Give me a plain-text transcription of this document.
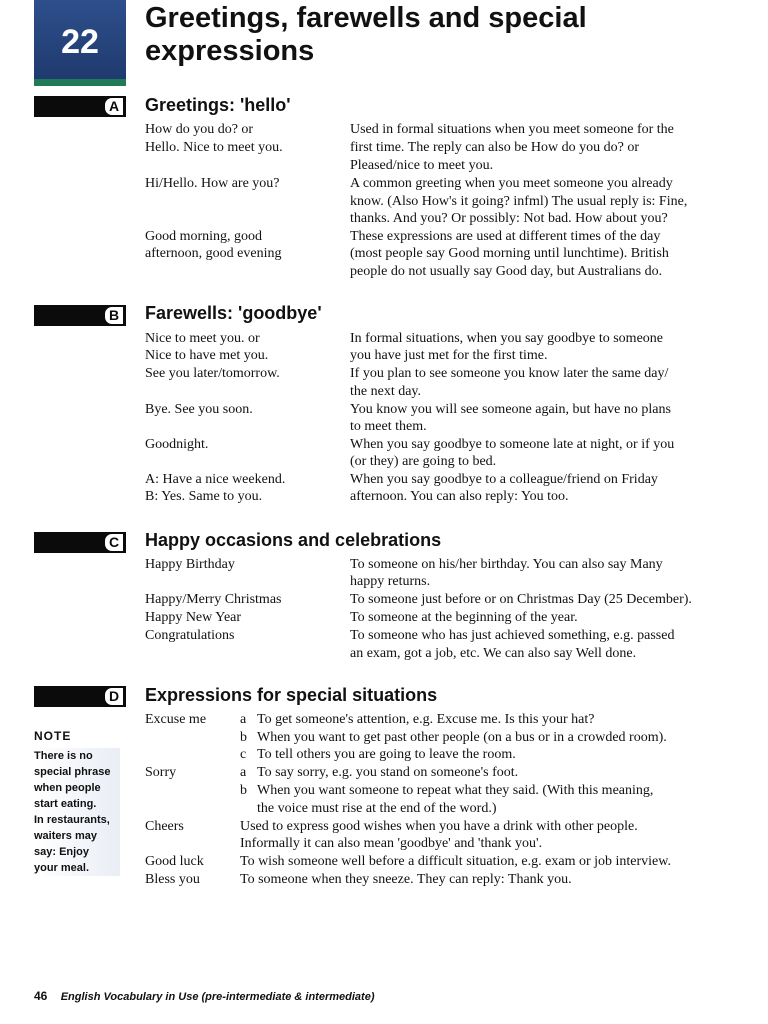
22
Greetings, farewells and special
expressions
A Greetings: 'hello'
How do you do? or
Hello. Nice to meet you.
Hi/Hello. How are you?
Good morning, good
afternoon, good evening
Used in formal situations when you meet someone for the
first time. The reply can also be How do you do? or
Pleased/nice to meet you.
A common greeting when you meet someone you already
know. (Also How's it going? infml) The usual reply is: Fine,
thanks. And you? Or possibly: Not bad. How about you?
These expressions are used at different times of the day
(most people say Good morning until lunchtime). British
people do not usually say Good day, but Australians do.
B Farewells: 'goodbye'
Nice to meet you. or
Nice to have met you.
See you later/tomorrow.
Bye. See you soon.
Goodnight.
A: Have a nice weekend.
B: Yes. Same to you.
In formal situations, when you say goodbye to someone
you have just met for the first time.
If you plan to see someone you know later the same day/
the next day.
You know you will see someone again, but have no plans
to meet them.
When you say goodbye to someone late at night, or if you
(or they) are going to bed.
When you say goodbye to a colleague/friend on Friday
afternoon. You can also reply: You too.
C Happy occasions and celebrations
Happy Birthday
Happy/Merry Christmas
Happy New Year
Congratulations
To someone on his/her birthday. You can also say Many
happy returns.
To someone just before or on Christmas Day (25 December).
To someone at the beginning of the year.
To someone who has just achieved something, e.g. passed
an exam, got a job, etc. We can also say Well done.
D Expressions for special situations
Excuse me
Sorry
Cheers
Good luck
Bless you
a
b
c
a
b
To get someone's attention, e.g. Excuse me. Is this your hat?
When you want to get past other people (on a bus or in a crowded room).
To tell others you are going to leave the room.
To say sorry, e.g. you stand on someone's foot.
When you want someone to repeat what they said. (With this meaning,
the voice must rise at the end of the word.)
Used to express good wishes when you have a drink with other people.
Informally it can also mean 'goodbye' and 'thank you'.
To wish someone well before a difficult situation, e.g. exam or job interview.
To someone when they sneeze. They can reply: Thank you.
NOTE
There is no
special phrase
when people
start eating.
In restaurants,
waiters may
say: Enjoy
your meal.
46 English Vocabulary in Use (pre-intermediate & intermediate)
